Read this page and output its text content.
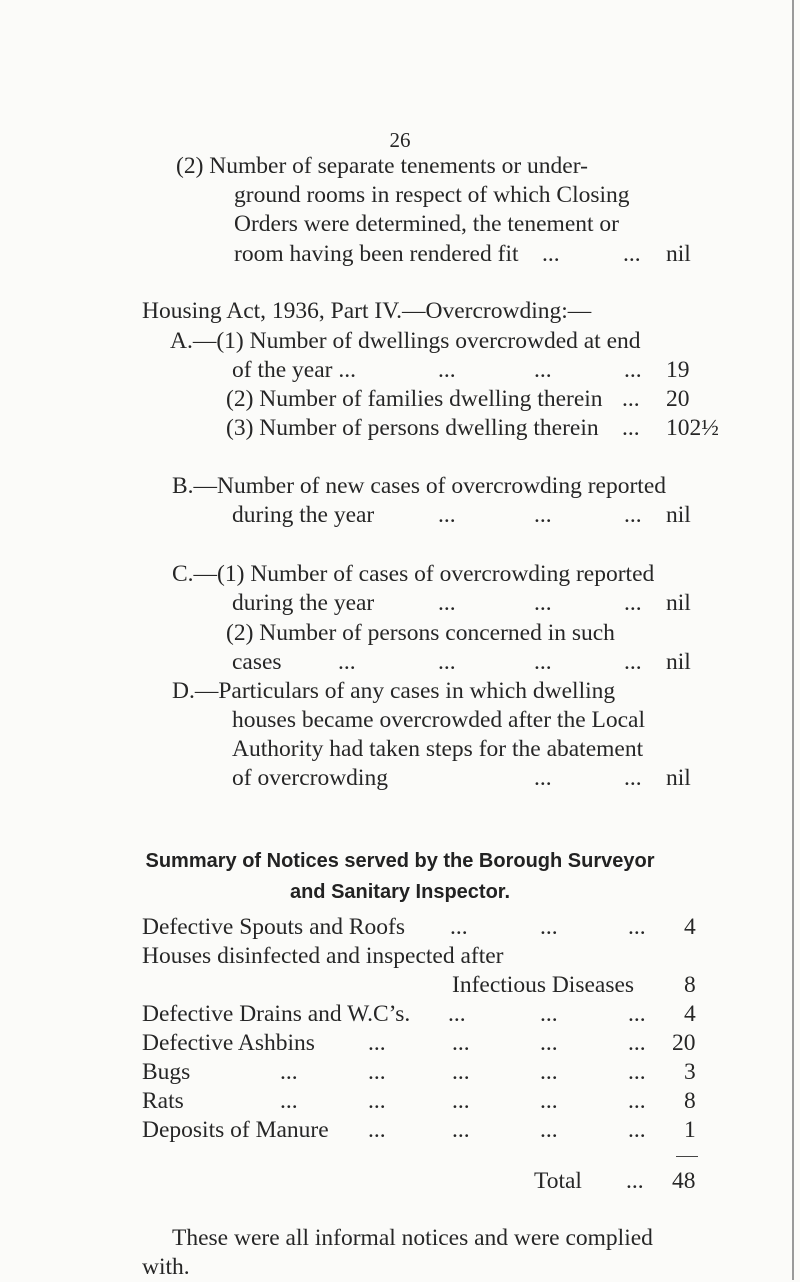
26
(2) Number of separate tenements or under-
ground rooms in respect of which Closing
Orders were determined, the tenement or
room having been rendered fit ...	... nil
Housing Act, 1936, Part IV.—Overcrowding:—
A.—(1) Number of dwellings overcrowded at end
of the year ...	...	...	... 19
(2) Number of families dwelling therein ... 20
(3) Number of persons dwelling therein ... 102½
B.—Number of new cases of overcrowding reported
during the year	...	...	... nil
C.—(1) Number of cases of overcrowding reported
during the year	...	...	... nil
(2) Number of persons concerned in such
cases ...	...	...	... nil
D.—Particulars of any cases in which dwelling
houses became overcrowded after the Local
Authority had taken steps for the abatement
of overcrowding	...	... nil
Summary of Notices served by the Borough Surveyor
and Sanitary Inspector.
Defective Spouts and Roofs ...	...	... 4
Houses disinfected and inspected after
Infectious Diseases 8
Defective Drains and W.C’s. ...	...	... 4
Defective Ashbins ...	...	...	... 20
Bugs	...	...	...	...	... 3
Rats	...	...	...	...	... 8
Deposits of Manure ...	...	...	... 1
Total ... 48
These were all informal notices and were complied
with.
